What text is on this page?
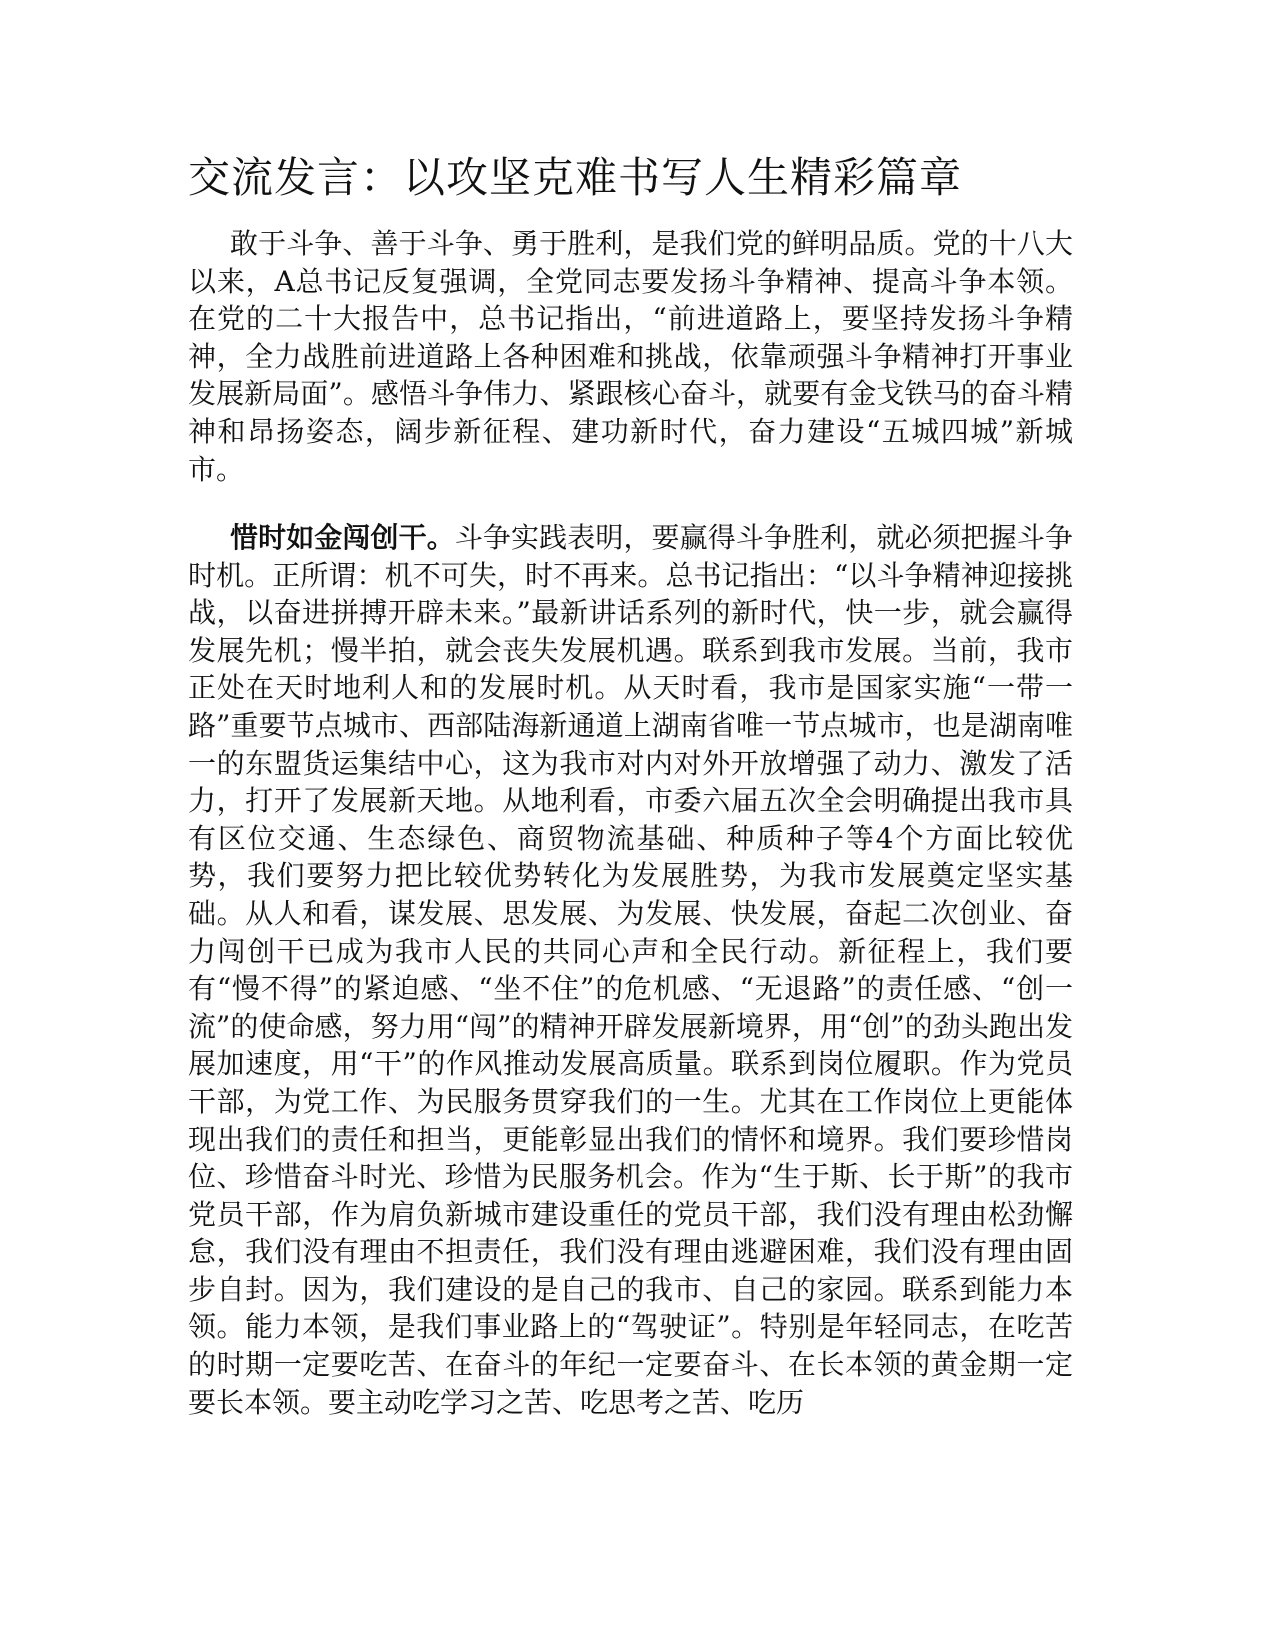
交流发言：以攻坚克难书写人生精彩篇章

敢于斗争、善于斗争、勇于胜利，是我们党的鲜明品质。党的十八大以来，A总书记反复强调，全党同志要发扬斗争精神、提高斗争本领。在党的二十大报告中，总书记指出，“前进道路上，要坚持发扬斗争精神，全力战胜前进道路上各种困难和挑战，依靠顽强斗争精神打开事业发展新局面”。感悟斗争伟力、紧跟核心奋斗，就要有金戈铁马的奋斗精神和昂扬姿态，阔步新征程、建功新时代，奋力建设“五城四城”新城市。

惜时如金闯创干。斗争实践表明，要赢得斗争胜利，就必须把握斗争时机。正所谓：机不可失，时不再来。总书记指出：“以斗争精神迎接挑战，以奋进拼搏开辟未来。”最新讲话系列的新时代，快一步，就会赢得发展先机；慢半拍，就会丧失发展机遇。联系到我市发展。当前，我市正处在天时地利人和的发展时机。从天时看，我市是国家实施“一带一路”重要节点城市、西部陆海新通道上湖南省唯一节点城市，也是湖南唯一的东盟货运集结中心，这为我市对内对外开放增强了动力、激发了活力，打开了发展新天地。从地利看，市委六届五次全会明确提出我市具有区位交通、生态绿色、商贸物流基础、种质种子等4个方面比较优势，我们要努力把比较优势转化为发展胜势，为我市发展奠定坚实基础。从人和看，谋发展、思发展、为发展、快发展，奋起二次创业、奋力闯创干已成为我市人民的共同心声和全民行动。新征程上，我们要有“慢不得”的紧迫感、“坐不住”的危机感、“无退路”的责任感、“创一流”的使命感，努力用“闯”的精神开辟发展新境界，用“创”的劲头跑出发展加速度，用“干”的作风推动发展高质量。联系到岗位履职。作为党员干部，为党工作、为民服务贯穿我们的一生。尤其在工作岗位上更能体现出我们的责任和担当，更能彰显出我们的情怀和境界。我们要珍惜岗位、珍惜奋斗时光、珍惜为民服务机会。作为“生于斯、长于斯”的我市党员干部，作为肩负新城市建设重任的党员干部，我们没有理由松劲懈怠，我们没有理由不担责任，我们没有理由逃避困难，我们没有理由固步自封。因为，我们建设的是自己的我市、自己的家园。联系到能力本领。能力本领，是我们事业路上的“驾驶证”。特别是年轻同志，在吃苦的时期一定要吃苦、在奋斗的年纪一定要奋斗、在长本领的黄金期一定要长本领。要主动吃学习之苦、吃思考之苦、吃历
